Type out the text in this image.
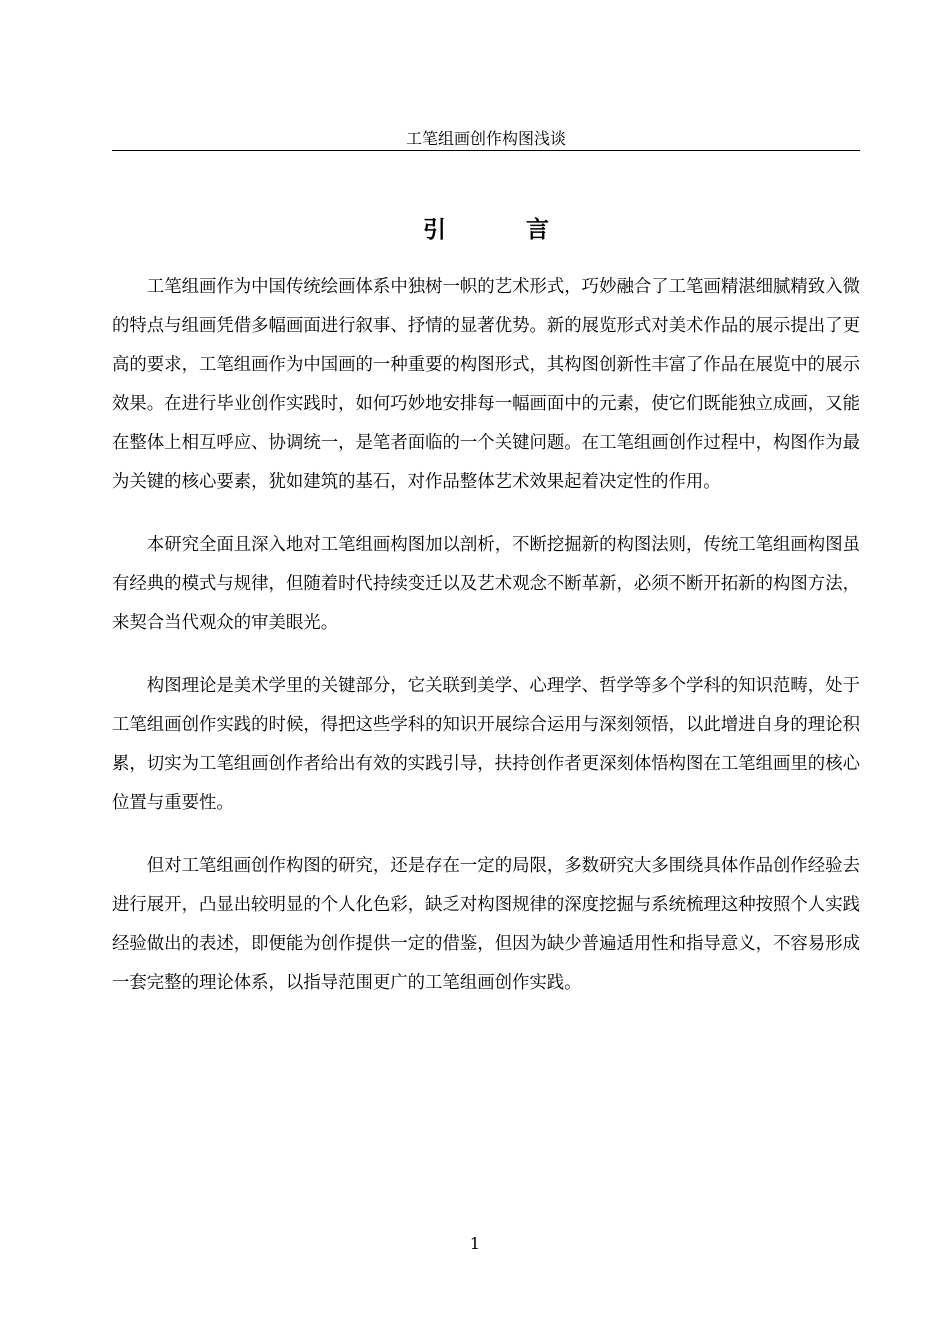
工笔组画创作构图浅谈
引 言

工笔组画作为中国传统绘画体系中独树一帜的艺术形式，巧妙融合了工笔画精湛细腻精致入微的特点与组画凭借多幅画面进行叙事、抒情的显著优势。新的展览形式对美术作品的展示提出了更高的要求，工笔组画作为中国画的一种重要的构图形式，其构图创新性丰富了作品在展览中的展示效果。在进行毕业创作实践时，如何巧妙地安排每一幅画面中的元素，使它们既能独立成画，又能在整体上相互呼应、协调统一，是笔者面临的一个关键问题。在工笔组画创作过程中，构图作为最为关键的核心要素，犹如建筑的基石，对作品整体艺术效果起着决定性的作用。

本研究全面且深入地对工笔组画构图加以剖析，不断挖掘新的构图法则，传统工笔组画构图虽有经典的模式与规律，但随着时代持续变迁以及艺术观念不断革新，必须不断开拓新的构图方法，来契合当代观众的审美眼光。

构图理论是美术学里的关键部分，它关联到美学、心理学、哲学等多个学科的知识范畴，处于工笔组画创作实践的时候，得把这些学科的知识开展综合运用与深刻领悟，以此增进自身的理论积累，切实为工笔组画创作者给出有效的实践引导，扶持创作者更深刻体悟构图在工笔组画里的核心位置与重要性。

但对工笔组画创作构图的研究，还是存在一定的局限，多数研究大多围绕具体作品创作经验去进行展开，凸显出较明显的个人化色彩，缺乏对构图规律的深度挖掘与系统梳理这种按照个人实践经验做出的表述，即便能为创作提供一定的借鉴，但因为缺少普遍适用性和指导意义，不容易形成一套完整的理论体系，以指导范围更广的工笔组画创作实践。

1
